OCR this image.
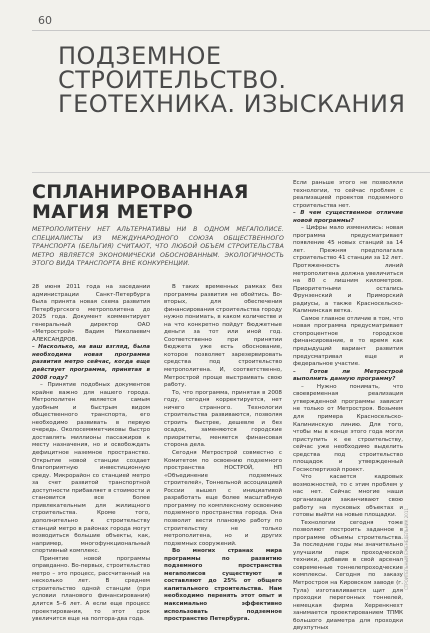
60
ПОДЗЕМНОЕ
СТРОИТЕЛЬСТВО.
ГЕОТЕХНИКА. ИЗЫСКАНИЯ
СПЛАНИРОВАННАЯ
МАГИЯ МЕТРО
МЕТРОПОЛИТЕНУ НЕТ АЛЬТЕРНАТИВЫ НИ В ОДНОМ МЕГАПОЛИСЕ. СПЕЦИАЛИСТЫ ИЗ МЕЖДУНАРОДНОГО СОЮЗА ОБЩЕСТВЕННОГО ТРАНСПОРТА (БЕЛЬГИЯ) СЧИТАЮТ, ЧТО ЛЮБОЙ ОБЪЕМ СТРОИТЕЛЬСТВА МЕТРО ЯВЛЯЕТСЯ ЭКОНОМИЧЕСКИ ОБОСНОВАННЫМ. ЭКОЛОГИЧНОСТЬ ЭТОГО ВИДА ТРАНСПОРТА ВНЕ КОНКУРЕНЦИИ.

28 июня 2011 года на заседании администрации Санкт-Петербурга была принята новая схема развития Петербургского метрополитена до 2025 года. Документ комментирует генеральный директор ОАО «Метрострой» Вадим Николаевич АЛЕКСАНДРОВ.

– Насколько, на ваш взгляд, была необходима новая программа развития метро сейчас, когда еще действует программа, принятая в 2008 году?

– Принятие подобных документов крайне важно для нашего города. Метрополитен является самым удобным и быстрым видом общественного транспорта, его необходимо развивать в первую очередь. Околосемяметчиковы быстро доставлять миллионы пассажиров к месту назначения, но и освобождать дефицитное наземное пространство. Открытие новой станции создает благоприятную инвестиционную среду. Микрорайон со станцией метро за счет развитой транспортной доступности прибавляет в стоимости и становится все более привлекательным для жилищного строительства. Кроме того, дополнительно к строительству станций метро в районах города могут возводиться большие объекты, как, например, многофункциональный спортивный комплекс.

Принятие новой программы оправданно. Во-первых, строительство метро – это процесс, рассчитанный на несколько лет. В среднем строительство одной станции (при условии планового финансирования) длится 5–6 лет. А если еще процесс проектирования, то этот срок увеличится еще на полтора-два года.

В таких временных рамках без программы развития не обойтись. Во-вторых, для обеспечения финансирования строительства городу нужно понимать, в каком количестве и на что конкретно пойдут бюджетные деньги за тот или иной год. Соответственно при принятии бюджета уже есть обоснование, которое позволяет зарезервировать средства под строительство метрополитена. И, соответственно, Метрострой проще выстраивать свою работу.

То, что программа, принятая в 2008 году, сегодня корректируется, нет ничего странного. Технологии строительства развиваются, позволяя строить быстрее, дешевле и без осадок, заменяются городские приоритеты, меняется финансовая сторона дела.

Сегодня Метрострой совместно с Комитетом по освоению подземного пространства НОСТРОЙ, НП «Объединение подземных строителей», Тоннельной ассоциацией России вышел с инициативой разработать еще более масштабную программу по комплексному освоению подземного пространства города. Она позволит вести плановую работу по строительству не только метрополитена, но и других подземных сооружений.

Во многих странах мира программы по развитию подземного пространства мегаполисов существуют и составляют до 25% от общего капитального строительства. Нам необходимо перенять этот опыт и максимально эффективно использовать подземное пространство Петербурга.

Если раньше этого не позволяли технологии, то сейчас проблем с реализацией проектов подземного строительства нет.

– В чем существенное отличие новой программы?

– Цифры мало изменились: новая программа предусматривает появление 45 новых станций за 14 лет. Прежняя предполагала строительство 41 станции за 12 лет. Протяженность линий метрополитена должна увеличиться на 80 с лишним километров. Приоритетными остались Фрунзенский и Приморский радиусы, а также Красносельско-Калининская ветка.

Самое главное отличие в том, что новая программа предусматривает стопроцентное городское финансирование, в то время как предыдущий вариант развития предусматривал еще и федеральное участие.

– Готов ли Метрострой выполнить данную программу?

– Нужно понимать, что своевременная реализация утвержденной программы зависит не только от Метростроя. Возьмем для примера Красносельско-Калининскую линию. Для того, чтобы мы в конце этого года могли приступить к ее строительству, сейчас уже необходимо выделить средства под строительство площадок и утвержденный Госэкспертизой проект.

Что касается кадровых возможностей, то с этим проблем у нас нет. Сейчас многие наши организации заканчивают свою работу на пусковых объектах и готовы выйти на новые площадки.

Технологии сегодня тоже позволяют построить заданное в программе объемы строительства. За последние годы мы значительно улучшили парк проходческой техники, добавив в свой арсенал современные тоннелепроходческие комплексы. Сегодня по заказу Метростроя на Кировском заводе (г. Тула) изготавливается щит для проходки перегонных тоннелей, немецкая фирма Херренкнехт занимается проектированием ТПМК большого диаметра для проходки двухпутных

СТРОИТЕЛЬНЫЙ ЕЖЕНЕДЕЛЬНИК 2011
